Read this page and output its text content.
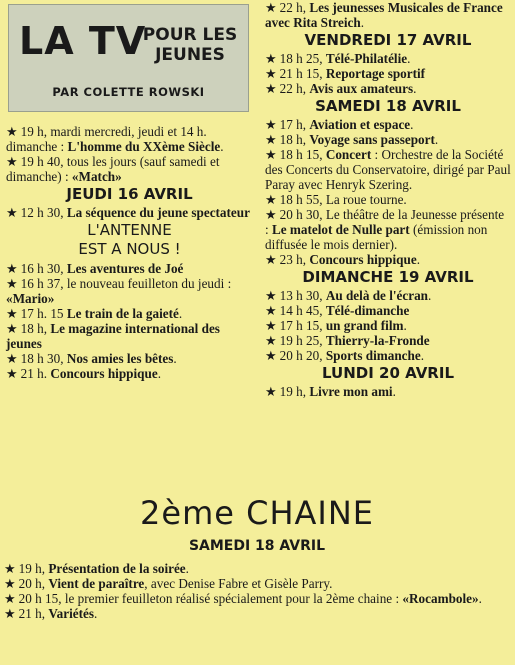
LA TV
POUR LES
JEUNES
PAR COLETTE ROWSKI

★ 19 h, mardi mercredi, jeudi et 14 h. dimanche : L'homme du XXème Siècle.

★ 19 h 40, tous les jours (sauf samedi et dimanche) : «Match»

JEUDI 16 AVRIL

★ 12 h 30, La séquence du jeune spectateur

L'ANTENNE
EST A NOUS !

★ 16 h 30, Les aventures de Joé

★ 16 h 37, le nouveau feuilleton du jeudi : «Mario»

★ 17 h. 15 Le train de la gaieté.

★ 18 h, Le magazine international des jeunes

★ 18 h 30, Nos amies les bêtes.

★ 21 h. Concours hippique.

★ 22 h, Les jeunesses Musicales de France avec Rita Streich.

VENDREDI 17 AVRIL

★ 18 h 25, Télé-Philatélie.

★ 21 h 15, Reportage sportif

★ 22 h, Avis aux amateurs.

SAMEDI 18 AVRIL

★ 17 h, Aviation et espace.

★ 18 h, Voyage sans passeport.

★ 18 h 15, Concert : Orchestre de la Société des Concerts du Conservatoire, dirigé par Paul Paray avec Henryk Szering.

★ 18 h 55, La roue tourne.

★ 20 h 30, Le théâtre de la Jeunesse présente : Le matelot de Nulle part (émission non diffusée le mois dernier).

★ 23 h, Concours hippique.

DIMANCHE 19 AVRIL

★ 13 h 30, Au delà de l'écran.

★ 14 h 45, Télé-dimanche

★ 17 h 15, un grand film.

★ 19 h 25, Thierry-la-Fronde

★ 20 h 20, Sports dimanche.

LUNDI 20 AVRIL

★ 19 h, Livre mon ami.

2ème CHAINE
SAMEDI 18 AVRIL

★ 19 h, Présentation de la soirée.

★ 20 h, Vient de paraître, avec Denise Fabre et Gisèle Parry.

★ 20 h 15, le premier feuilleton réalisé spécialement pour la 2ème chaine : «Rocambole».

★ 21 h, Variétés.
